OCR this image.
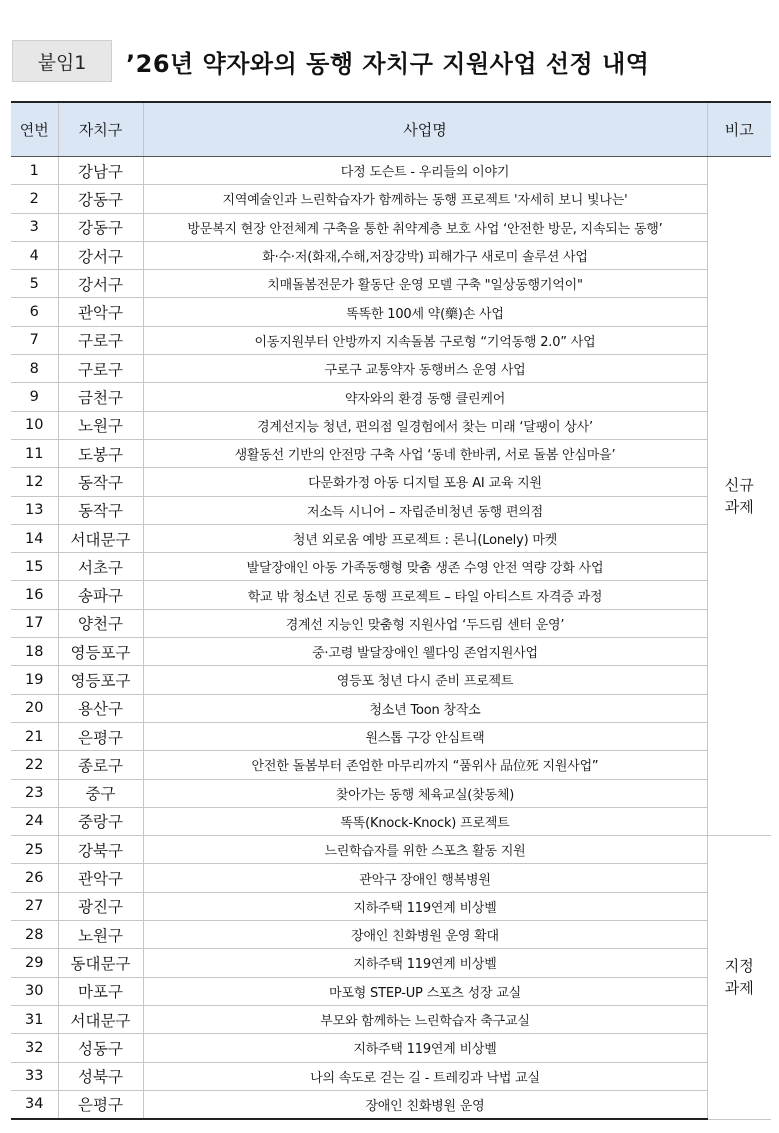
붙임1	’26년 약자와의 동행 자치구 지원사업 선정 내역
연번	자치구	사업명	비고
1	강남구	다정 도슨트 - 우리들의 이야기	신규
과제
2	강동구	지역예술인과 느린학습자가 함께하는 동행 프로젝트 '자세히 보니 빛나는'	
3	강동구	방문복지 현장 안전체계 구축을 통한 취약계층 보호 사업 ‘안전한 방문, 지속되는 동행’	
4	강서구	화·수·저(화재,수해,저장강박) 피해가구 새로미 솔루션 사업	
5	강서구	치매돌봄전문가 활동단 운영 모델 구축 "일상동행기억이"	
6	관악구	똑똑한 100세 약(藥)손 사업	
7	구로구	이동지원부터 안방까지 지속돌봄 구로형 “기억동행 2.0” 사업	
8	구로구	구로구 교통약자 동행버스 운영 사업	
9	금천구	약자와의 환경 동행 클린케어	
10	노원구	경계선지능 청년, 편의점 일경험에서 찾는 미래 ‘달팽이 상사’	
11	도봉구	생활동선 기반의 안전망 구축 사업 ‘동네 한바퀴, 서로 돌봄 안심마을’	
12	동작구	다문화가정 아동 디지털 포용 AI 교육 지원	
13	동작구	저소득 시니어 – 자립준비청년 동행 편의점	
14	서대문구	청년 외로움 예방 프로젝트 : 론니(Lonely) 마켓	
15	서초구	발달장애인 아동 가족동행형 맞춤 생존 수영 안전 역량 강화 사업	
16	송파구	학교 밖 청소년 진로 동행 프로젝트 – 타일 아티스트 자격증 과정	
17	양천구	경계선 지능인 맞춤형 지원사업 ‘두드림 센터 운영’	
18	영등포구	중·고령 발달장애인 웰다잉 존엄지원사업	
19	영등포구	영등포 청년 다시 준비 프로젝트	
20	용산구	청소년 Toon 창작소	
21	은평구	원스톱 구강 안심트랙	
22	종로구	안전한 돌봄부터 존엄한 마무리까지 “품위사 品位死 지원사업”	
23	중구	찾아가는 동행 체육교실(찾동체)	
24	중랑구	똑똑(Knock-Knock) 프로젝트	
25	강북구	느린학습자를 위한 스포츠 활동 지원	지정
과제
26	관악구	관악구 장애인 행복병원	
27	광진구	지하주택 119연계 비상벨	
28	노원구	장애인 친화병원 운영 확대	
29	동대문구	지하주택 119연계 비상벨	
30	마포구	마포형 STEP-UP 스포츠 성장 교실	
31	서대문구	부모와 함께하는 느린학습자 축구교실	
32	성동구	지하주택 119연계 비상벨	
33	성북구	나의 속도로 걷는 길 - 트레킹과 낙법 교실	
34	은평구	장애인 친화병원 운영	
